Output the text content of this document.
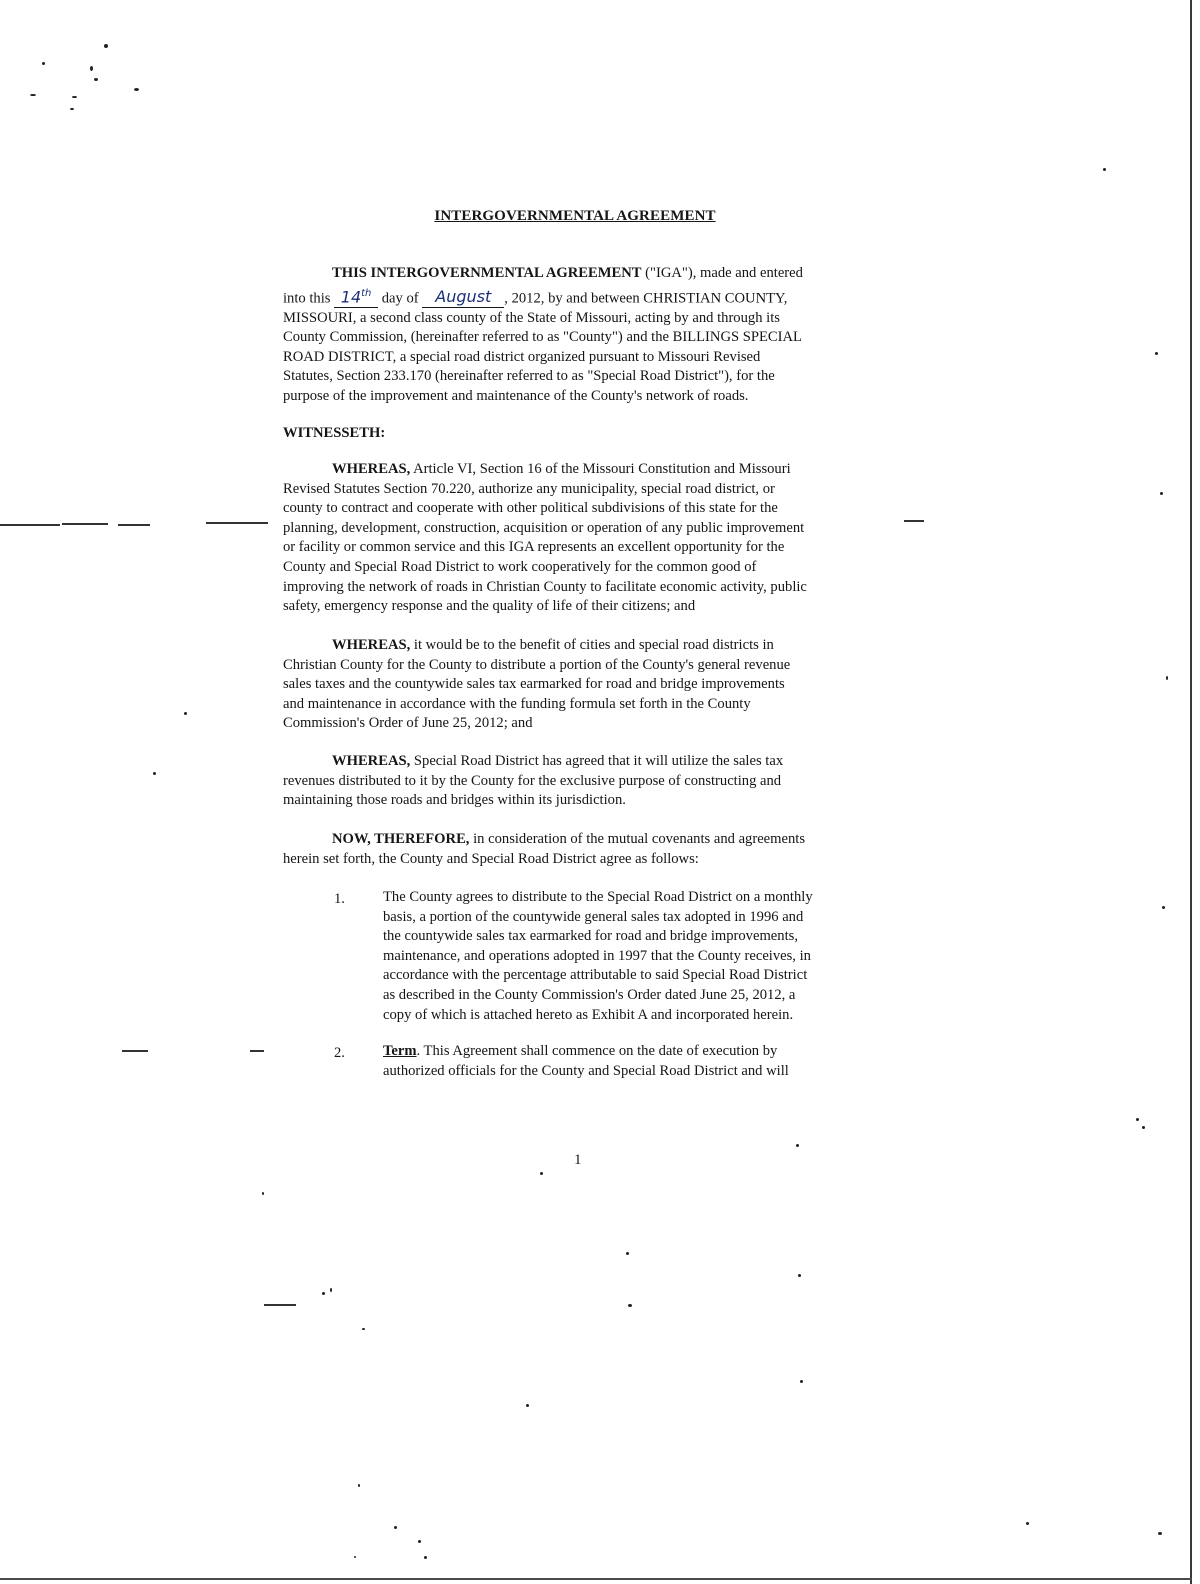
INTERGOVERNMENTAL AGREEMENT
THIS INTERGOVERNMENTAL AGREEMENT ("IGA"), made and entered
into this 14th day of August , 2012, by and between CHRISTIAN COUNTY,
MISSOURI, a second class county of the State of Missouri, acting by and through its
County Commission, (hereinafter referred to as "County") and the BILLINGS SPECIAL
ROAD DISTRICT, a special road district organized pursuant to Missouri Revised
Statutes, Section 233.170 (hereinafter referred to as "Special Road District"), for the
purpose of the improvement and maintenance of the County's network of roads.
WITNESSETH:
WHEREAS, Article VI, Section 16 of the Missouri Constitution and Missouri
Revised Statutes Section 70.220, authorize any municipality, special road district, or
county to contract and cooperate with other political subdivisions of this state for the
planning, development, construction, acquisition or operation of any public improvement
or facility or common service and this IGA represents an excellent opportunity for the
County and Special Road District to work cooperatively for the common good of
improving the network of roads in Christian County to facilitate economic activity, public
safety, emergency response and the quality of life of their citizens; and
WHEREAS, it would be to the benefit of cities and special road districts in
Christian County for the County to distribute a portion of the County's general revenue
sales taxes and the countywide sales tax earmarked for road and bridge improvements
and maintenance in accordance with the funding formula set forth in the County
Commission's Order of June 25, 2012; and
WHEREAS, Special Road District has agreed that it will utilize the sales tax
revenues distributed to it by the County for the exclusive purpose of constructing and
maintaining those roads and bridges within its jurisdiction.
NOW, THEREFORE, in consideration of the mutual covenants and agreements
herein set forth, the County and Special Road District agree as follows:
1.	The County agrees to distribute to the Special Road District on a monthly
basis, a portion of the countywide general sales tax adopted in 1996 and
the countywide sales tax earmarked for road and bridge improvements,
maintenance, and operations adopted in 1997 that the County receives, in
accordance with the percentage attributable to said Special Road District
as described in the County Commission's Order dated June 25, 2012, a
copy of which is attached hereto as Exhibit A and incorporated herein.
2.	Term. This Agreement shall commence on the date of execution by
authorized officials for the County and Special Road District and will
1
